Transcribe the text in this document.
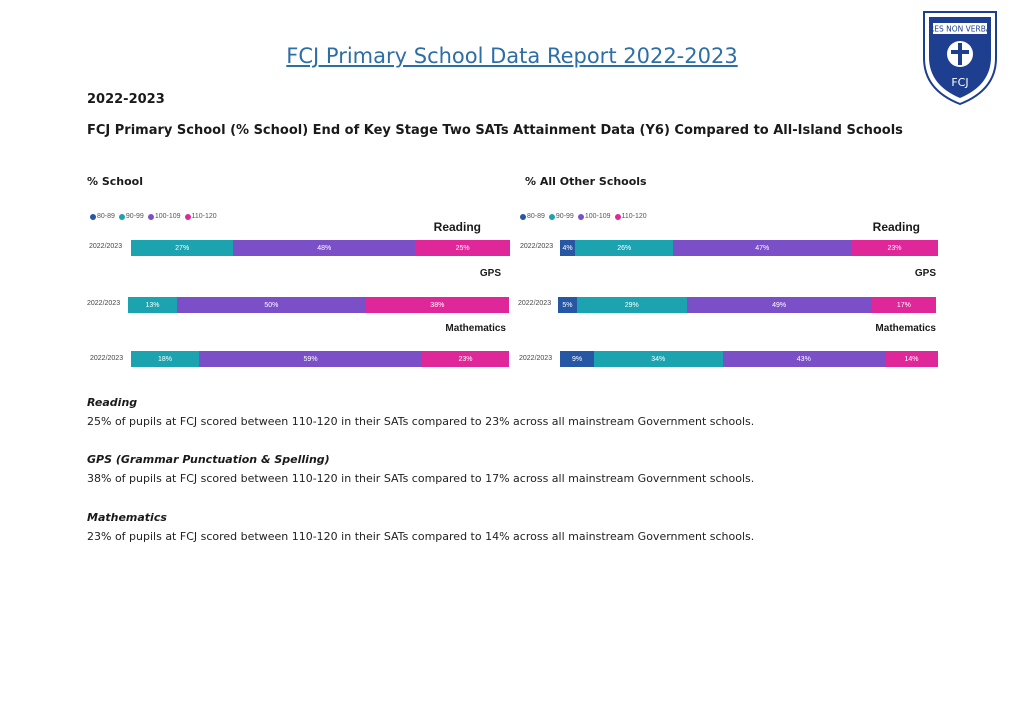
FCJ Primary School Data Report 2022-2023
RES NON VERBA
FCJ
2022-2023
FCJ Primary School (% School) End of Key Stage Two SATs Attainment Data (Y6) Compared to All-Island Schools
% School
80-89 90-99 100-109 110-120
Reading
2022/2023	27%	48%	25%
GPS
2022/2023	13%	50%	38%
Mathematics
2022/2023	18%	59%	23%
% All Other Schools
80-89 90-99 100-109 110-120
Reading
2022/2023	4%	26%	47%	23%
GPS
2022/2023	5%	29%	49%	17%
Mathematics
2022/2023	9%	34%	43%	14%
Reading
25% of pupils at FCJ scored between 110-120 in their SATs compared to 23% across all mainstream Government schools.
GPS (Grammar Punctuation & Spelling)
38% of pupils at FCJ scored between 110-120 in their SATs compared to 17% across all mainstream Government schools.
Mathematics
23% of pupils at FCJ scored between 110-120 in their SATs compared to 14% across all mainstream Government schools.
